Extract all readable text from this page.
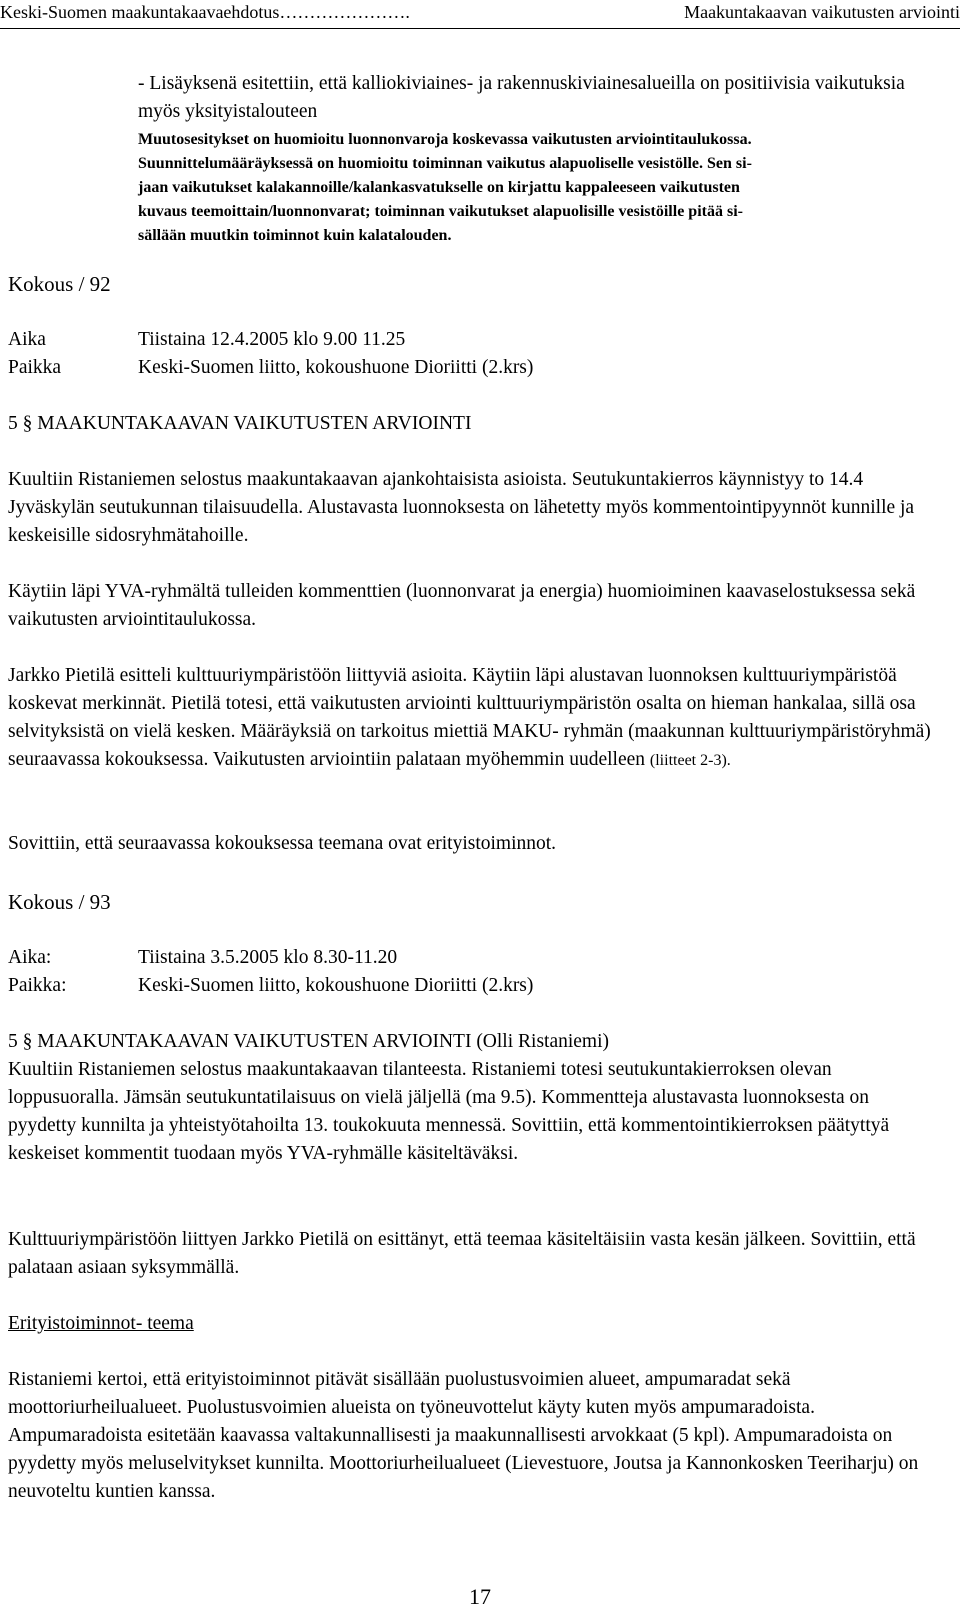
Keski-Suomen maakuntakaavaehdotus………………….	Maakuntakaavan vaikutusten arviointi

- Lisäyksenä esitettiin, että kalliokiviaines- ja rakennuskiviainesalueilla on positiivisia vaikutuksia myös yksityistalouteen

Muutosesitykset on huomioitu luonnonvaroja koskevassa vaikutusten arviointitaulukossa.

Suunnittelumääräyksessä on huomioitu toiminnan vaikutus alapuoliselle vesistölle. Sen si-

jaan vaikutukset kalakannoille/kalankasvatukselle on kirjattu kappaleeseen vaikutusten

kuvaus teemoittain/luonnonvarat; toiminnan vaikutukset alapuolisille vesistöille pitää si-

sällään muutkin toiminnot kuin kalatalouden.

Kokous / 92
Aika	Tiistaina 12.4.2005 klo 9.00 11.25
Paikka	Keski-Suomen liitto, kokoushuone Dioriitti (2.krs)

5 § MAAKUNTAKAAVAN VAIKUTUSTEN ARVIOINTI

Kuultiin Ristaniemen selostus maakuntakaavan ajankohtaisista asioista. Seutukuntakierros käynnistyy to 14.4 Jyväskylän seutukunnan tilaisuudella. Alustavasta luonnoksesta on lähetetty myös kommentointipyynnöt kunnille ja keskeisille sidosryhmätahoille.

Käytiin läpi YVA-ryhmältä tulleiden kommenttien (luonnonvarat ja energia) huomioiminen kaavaselostuksessa sekä vaikutusten arviointitaulukossa.

Jarkko Pietilä esitteli kulttuuriympäristöön liittyviä asioita. Käytiin läpi alustavan luonnoksen kulttuuriympäristöä koskevat merkinnät. Pietilä totesi, että vaikutusten arviointi kulttuuriympäristön osalta on hieman hankalaa, sillä osa selvityksistä on vielä kesken. Määräyksiä on tarkoitus miettiä MAKU- ryhmän (maakunnan kulttuuriympäristöryhmä) seuraavassa kokouksessa. Vaikutusten arviointiin palataan myöhemmin uudelleen (liitteet 2-3).

Sovittiin, että seuraavassa kokouksessa teemana ovat erityistoiminnot.

Kokous / 93
Aika:	Tiistaina 3.5.2005 klo 8.30-11.20
Paikka:	Keski-Suomen liitto, kokoushuone Dioriitti (2.krs)

5 § MAAKUNTAKAAVAN VAIKUTUSTEN ARVIOINTI (Olli Ristaniemi)

Kuultiin Ristaniemen selostus maakuntakaavan tilanteesta. Ristaniemi totesi seutukuntakierroksen olevan loppusuoralla. Jämsän seutukuntatilaisuus on vielä jäljellä (ma 9.5). Kommentteja alustavasta luonnoksesta on pyydetty kunnilta ja yhteistyötahoilta 13. toukokuuta mennessä. Sovittiin, että kommentointikierroksen päätyttyä keskeiset kommentit tuodaan myös YVA-ryhmälle käsiteltäväksi.

Kulttuuriympäristöön liittyen Jarkko Pietilä on esittänyt, että teemaa käsiteltäisiin vasta kesän jälkeen. Sovittiin, että palataan asiaan syksymmällä.

Erityistoiminnot- teema

Ristaniemi kertoi, että erityistoiminnot pitävät sisällään puolustusvoimien alueet, ampumaradat sekä moottoriurheilualueet. Puolustusvoimien alueista on työneuvottelut käyty kuten myös ampumaradoista. Ampumaradoista esitetään kaavassa valtakunnallisesti ja maakunnallisesti arvokkaat (5 kpl). Ampumaradoista on pyydetty myös meluselvitykset kunnilta. Moottoriurheilualueet (Lievestuore, Joutsa ja Kannonkosken Teeriharju) on neuvoteltu kuntien kanssa.

17
